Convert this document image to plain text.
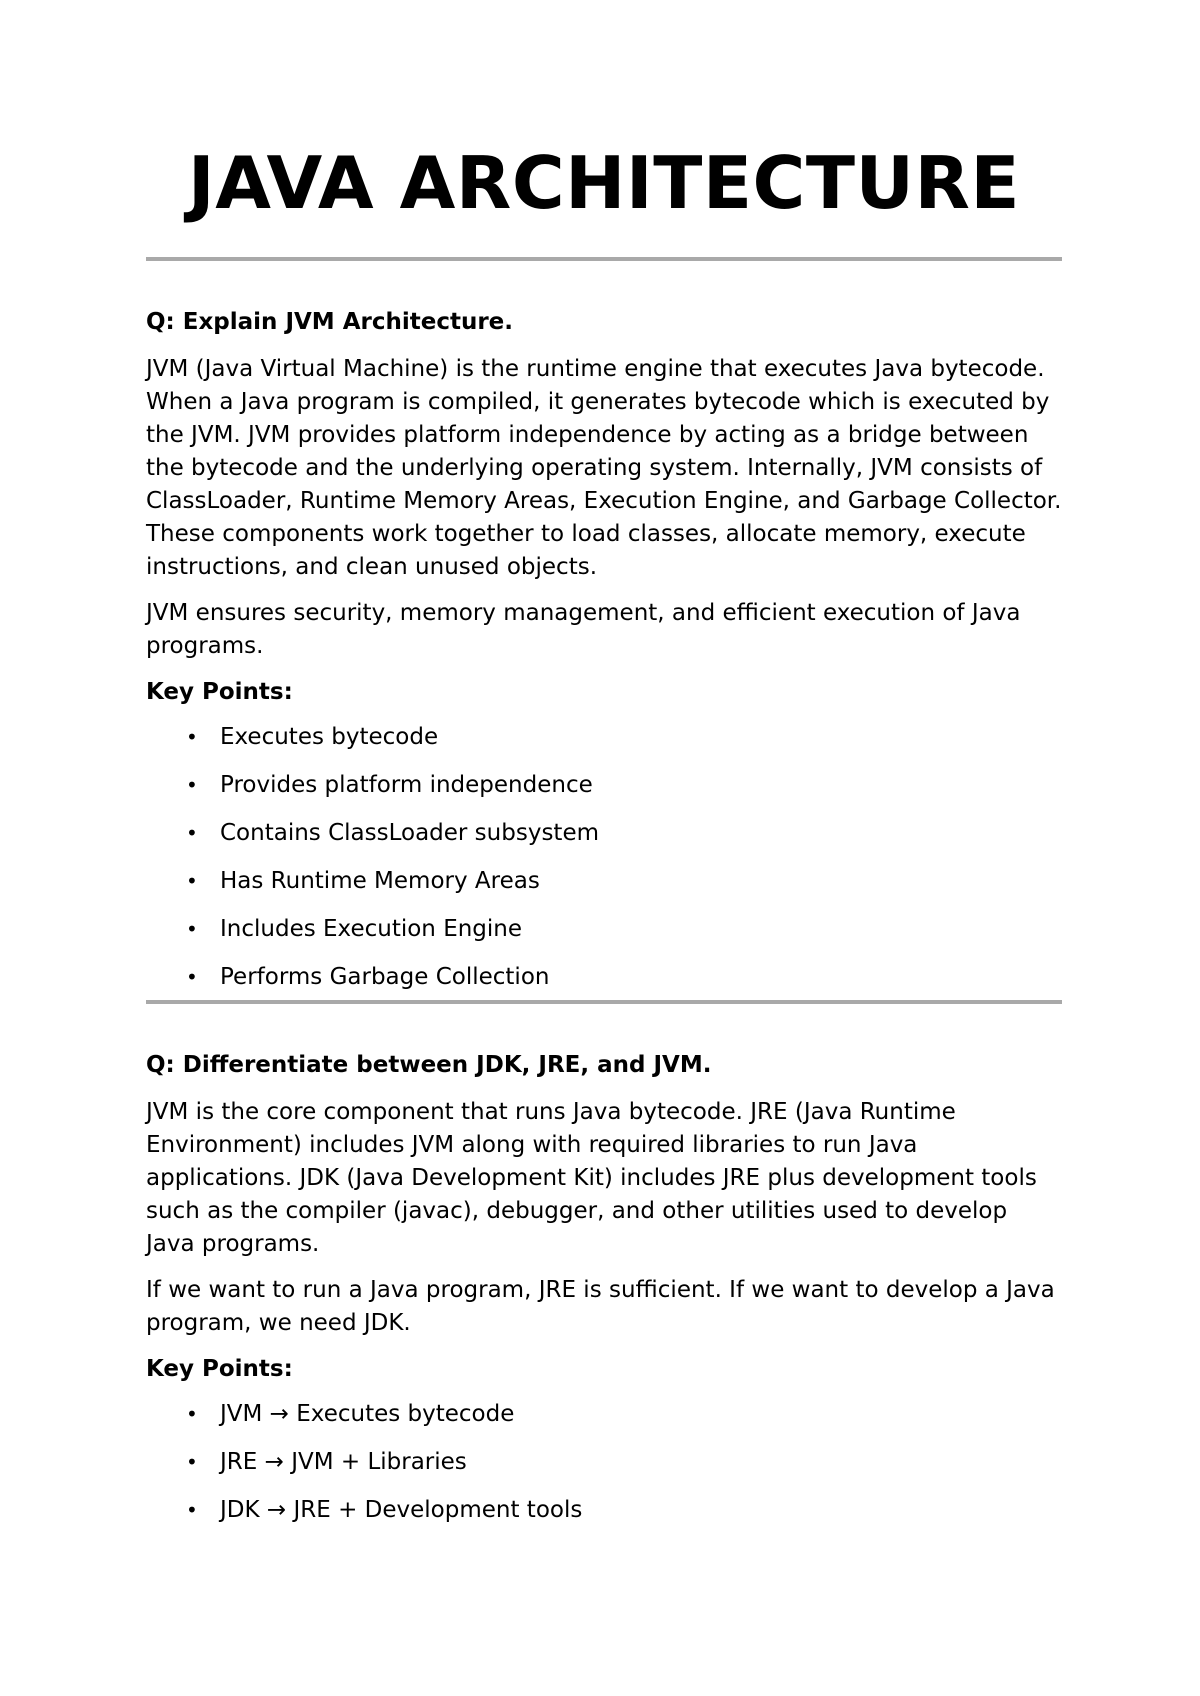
JAVA ARCHITECTURE

Q: Explain JVM Architecture.

JVM (Java Virtual Machine) is the runtime engine that executes Java bytecode. When a Java program is compiled, it generates bytecode which is executed by the JVM. JVM provides platform independence by acting as a bridge between the bytecode and the underlying operating system. Internally, JVM consists of ClassLoader, Runtime Memory Areas, Execution Engine, and Garbage Collector. These components work together to load classes, allocate memory, execute instructions, and clean unused objects.

JVM ensures security, memory management, and efficient execution of Java programs.

Key Points:

• Executes bytecode
• Provides platform independence
• Contains ClassLoader subsystem
• Has Runtime Memory Areas
• Includes Execution Engine
• Performs Garbage Collection

Q: Differentiate between JDK, JRE, and JVM.

JVM is the core component that runs Java bytecode. JRE (Java Runtime Environment) includes JVM along with required libraries to run Java applications. JDK (Java Development Kit) includes JRE plus development tools such as the compiler (javac), debugger, and other utilities used to develop Java programs.

If we want to run a Java program, JRE is sufficient. If we want to develop a Java program, we need JDK.

Key Points:

• JVM → Executes bytecode
• JRE → JVM + Libraries
• JDK → JRE + Development tools
